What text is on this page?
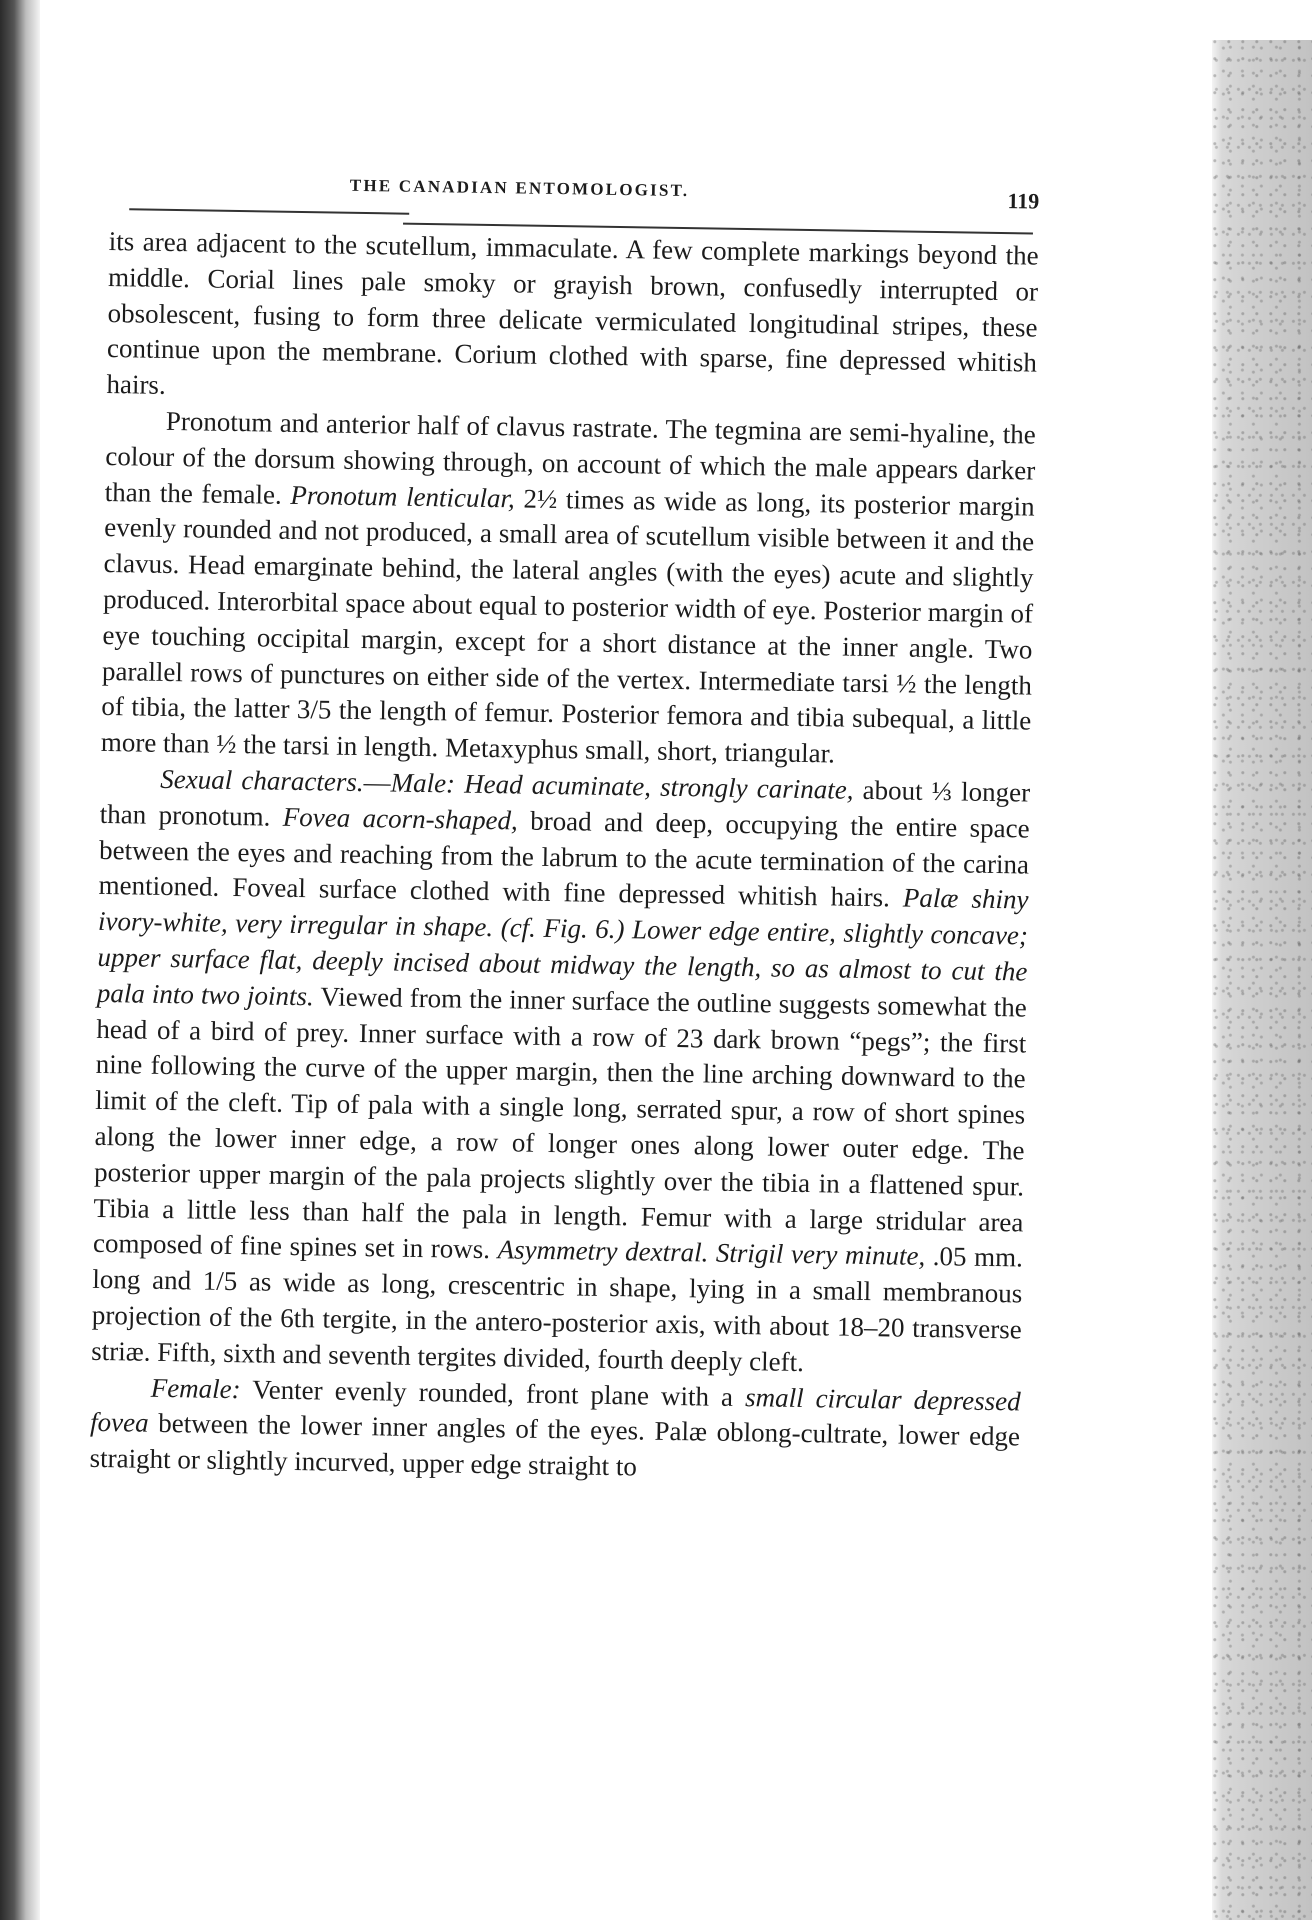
THE CANADIAN ENTOMOLOGIST.
119

its area adjacent to the scutellum, immaculate. A few complete markings beyond the middle. Corial lines pale smoky or grayish brown, confusedly interrupted or obsolescent, fusing to form three delicate vermiculated longitudinal stripes, these continue upon the membrane. Corium clothed with sparse, fine depressed whitish hairs.

Pronotum and anterior half of clavus rastrate. The tegmina are semi-hyaline, the colour of the dorsum showing through, on account of which the male appears darker than the female. Pronotum lenticular, 2½ times as wide as long, its posterior margin evenly rounded and not produced, a small area of scutellum visible between it and the clavus. Head emarginate behind, the lateral angles (with the eyes) acute and slightly produced. Interorbital space about equal to posterior width of eye. Posterior margin of eye touching occipital margin, except for a short distance at the inner angle. Two parallel rows of punctures on either side of the vertex. Intermediate tarsi ½ the length of tibia, the latter 3/5 the length of femur. Posterior femora and tibia subequal, a little more than ½ the tarsi in length. Metaxyphus small, short, triangular.

Sexual characters.—Male: Head acuminate, strongly carinate, about ⅓ longer than pronotum. Fovea acorn-shaped, broad and deep, occupying the entire space between the eyes and reaching from the labrum to the acute termination of the carina mentioned. Foveal surface clothed with fine depressed whitish hairs. Palæ shiny ivory-white, very irregular in shape. (cf. Fig. 6.) Lower edge entire, slightly concave; upper surface flat, deeply incised about midway the length, so as almost to cut the pala into two joints. Viewed from the inner surface the outline suggests somewhat the head of a bird of prey. Inner surface with a row of 23 dark brown “pegs”; the first nine following the curve of the upper margin, then the line arching downward to the limit of the cleft. Tip of pala with a single long, serrated spur, a row of short spines along the lower inner edge, a row of longer ones along lower outer edge. The posterior upper margin of the pala projects slightly over the tibia in a flattened spur. Tibia a little less than half the pala in length. Femur with a large stridular area composed of fine spines set in rows. Asymmetry dextral. Strigil very minute, .05 mm. long and 1/5 as wide as long, crescentric in shape, lying in a small membranous projection of the 6th tergite, in the antero-posterior axis, with about 18–20 transverse striæ. Fifth, sixth and seventh tergites divided, fourth deeply cleft.

Female: Venter evenly rounded, front plane with a small circular depressed fovea between the lower inner angles of the eyes. Palæ oblong-cultrate, lower edge straight or slightly incurved, upper edge straight to
